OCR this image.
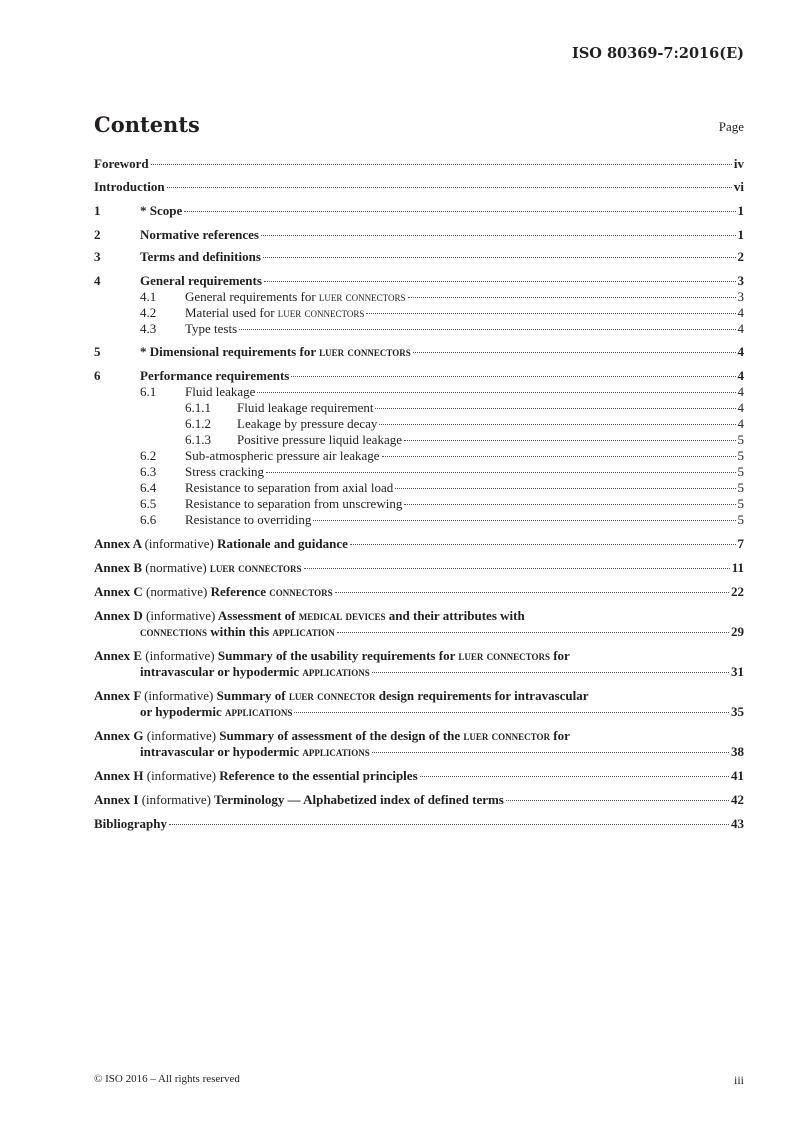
ISO 80369-7:2016(E)
Contents	Page
Foreword	iv
Introduction	vi
1	* Scope	1
2	Normative references	1
3	Terms and definitions	2
4	General requirements	3
4.1	General requirements for luer connectors	3
4.2	Material used for luer connectors	4
4.3	Type tests	4
5	* Dimensional requirements for luer connectors	4
6	Performance requirements	4
6.1	Fluid leakage	4
6.1.1	Fluid leakage requirement	4
6.1.2	Leakage by pressure decay	4
6.1.3	Positive pressure liquid leakage	5
6.2	Sub-atmospheric pressure air leakage	5
6.3	Stress cracking	5
6.4	Resistance to separation from axial load	5
6.5	Resistance to separation from unscrewing	5
6.6	Resistance to overriding	5
Annex A (informative) Rationale and guidance	7
Annex B (normative) luer connectors	11
Annex C (normative) Reference connectors	22
Annex D (informative) Assessment of medical devices and their attributes with
connections within this application	29
Annex E (informative) Summary of the usability requirements for luer connectors for
intravascular or hypodermic applications	31
Annex F (informative) Summary of luer connector design requirements for intravascular
or hypodermic applications	35
Annex G (informative) Summary of assessment of the design of the luer connector for
intravascular or hypodermic applications	38
Annex H (informative) Reference to the essential principles	41
Annex I (informative) Terminology — Alphabetized index of defined terms	42
Bibliography	43
© ISO 2016 – All rights reserved	iii
